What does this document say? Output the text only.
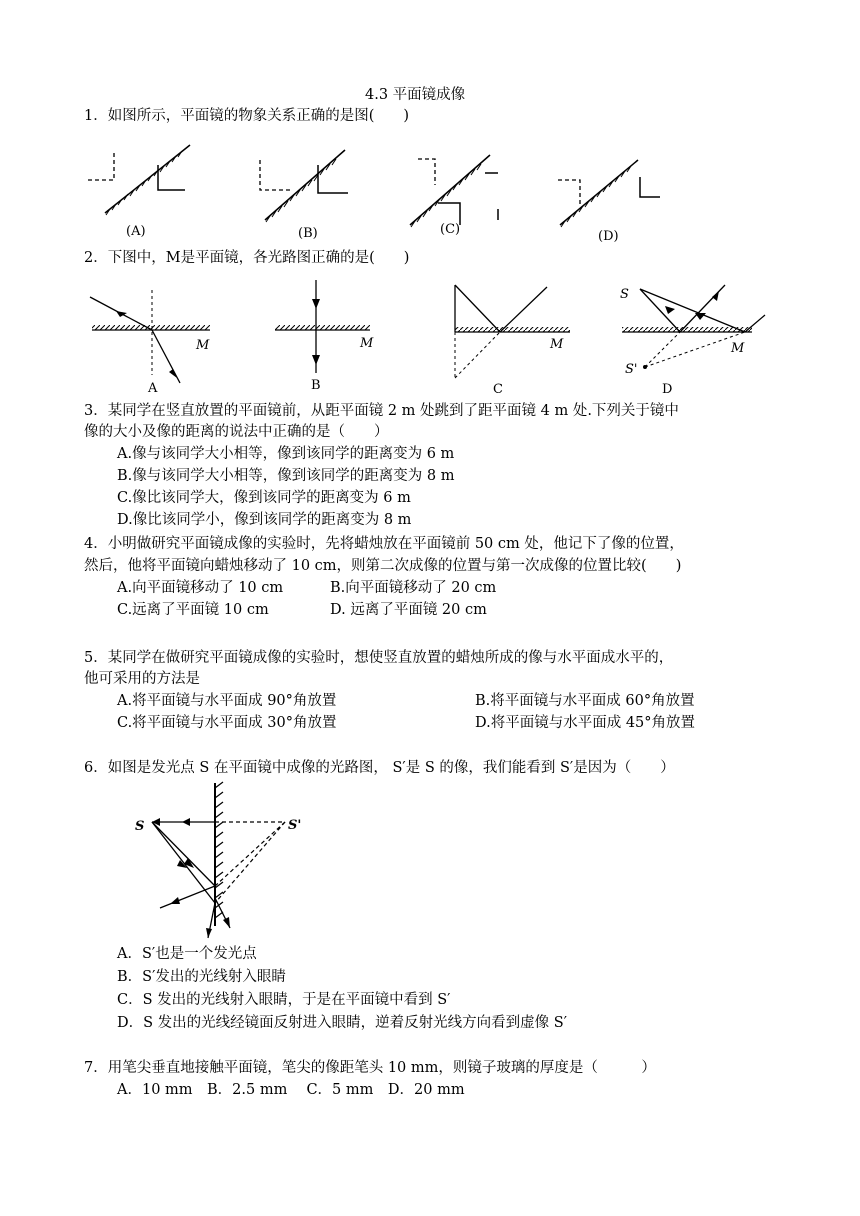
4.3 平面镜成像
1．如图所示，平面镜的物象关系正确的是图(　　)
(A)	(B)	(C)	(D)
2．下图中，M是平面镜，各光路图正确的是(　　)
M
A
M
B
M
C
S
S'
M
D
3．某同学在竖直放置的平面镜前，从距平面镜 2 m 处跳到了距平面镜 4 m 处.下列关于镜中
像的大小及像的距离的说法中正确的是（　　）
A.像与该同学大小相等，像到该同学的距离变为 6 m
B.像与该同学大小相等，像到该同学的距离变为 8 m
C.像比该同学大，像到该同学的距离变为 6 m
D.像比该同学小，像到该同学的距离变为 8 m
4．小明做研究平面镜成像的实验时，先将蜡烛放在平面镜前 50 cm 处，他记下了像的位置，
然后，他将平面镜向蜡烛移动了 10 cm，则第二次成像的位置与第一次成像的位置比较(　　)
A.向平面镜移动了 10 cm	B.向平面镜移动了 20 cm
C.远离了平面镜 10 cm	D. 远离了平面镜 20 cm
5．某同学在做研究平面镜成像的实验时，想使竖直放置的蜡烛所成的像与水平面成水平的，
他可采用的方法是
A.将平面镜与水平面成 90°角放置	B.将平面镜与水平面成 60°角放置
C.将平面镜与水平面成 30°角放置	D.将平面镜与水平面成 45°角放置
6．如图是发光点 S 在平面镜中成像的光路图， S′是 S 的像，我们能看到 S′是因为（　　）
S	S'
A．S′也是一个发光点
B．S′发出的光线射入眼睛
C．S 发出的光线射入眼睛，于是在平面镜中看到 S′
D．S 发出的光线经镜面反射进入眼睛，逆着反射光线方向看到虚像 S′
7．用笔尖垂直地接触平面镜，笔尖的像距笔头 10 mm，则镜子玻璃的厚度是（　　　）
A．10 mm　B．2.5 mm　 C．5 mm　D．20 mm
